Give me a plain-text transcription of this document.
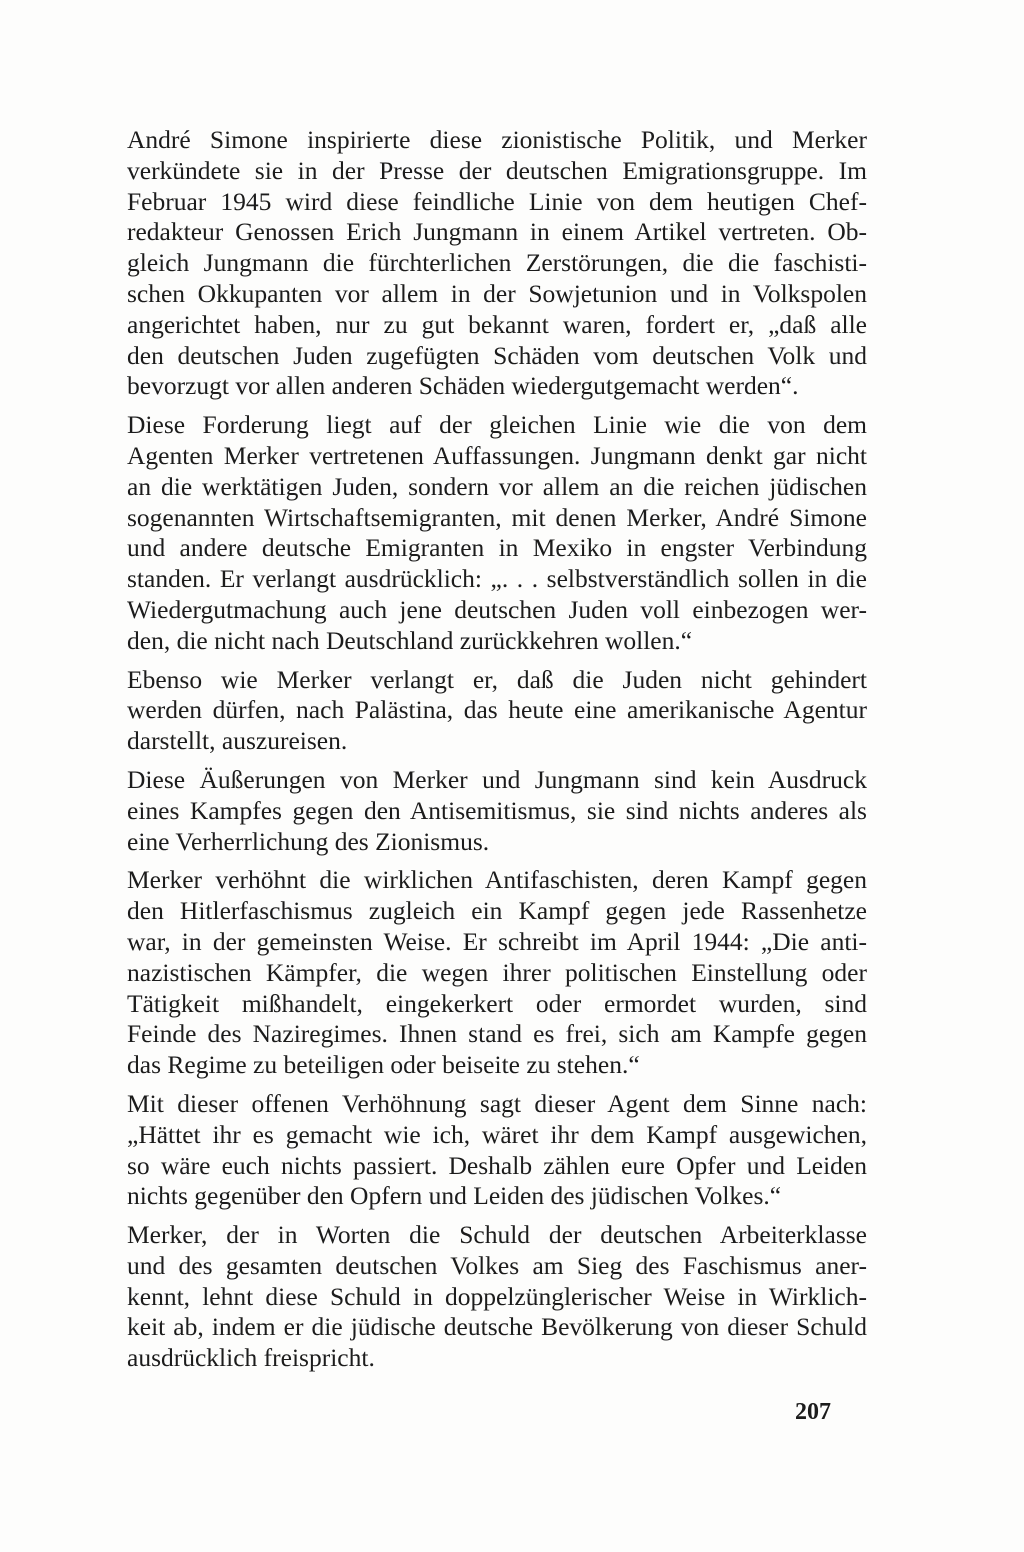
André Simone inspirierte diese zionistische Politik, und Merker
verkündete sie in der Presse der deutschen Emigrationsgruppe. Im
Februar 1945 wird diese feindliche Linie von dem heutigen Chef-
redakteur Genossen Erich Jungmann in einem Artikel vertreten. Ob-
gleich Jungmann die fürchterlichen Zerstörungen, die die faschisti-
schen Okkupanten vor allem in der Sowjetunion und in Volkspolen
angerichtet haben, nur zu gut bekannt waren, fordert er, „daß alle
den deutschen Juden zugefügten Schäden vom deutschen Volk und
bevorzugt vor allen anderen Schäden wiedergutgemacht werden“.

Diese Forderung liegt auf der gleichen Linie wie die von dem
Agenten Merker vertretenen Auffassungen. Jungmann denkt gar nicht
an die werktätigen Juden, sondern vor allem an die reichen jüdischen
sogenannten Wirtschaftsemigranten, mit denen Merker, André Simone
und andere deutsche Emigranten in Mexiko in engster Verbindung
standen. Er verlangt ausdrücklich: „. . . selbstverständlich sollen in die
Wiedergutmachung auch jene deutschen Juden voll einbezogen wer-
den, die nicht nach Deutschland zurückkehren wollen.“

Ebenso wie Merker verlangt er, daß die Juden nicht gehindert
werden dürfen, nach Palästina, das heute eine amerikanische Agentur
darstellt, auszureisen.

Diese Äußerungen von Merker und Jungmann sind kein Ausdruck
eines Kampfes gegen den Antisemitismus, sie sind nichts anderes als
eine Verherrlichung des Zionismus.

Merker verhöhnt die wirklichen Antifaschisten, deren Kampf gegen
den Hitlerfaschismus zugleich ein Kampf gegen jede Rassenhetze
war, in der gemeinsten Weise. Er schreibt im April 1944: „Die anti-
nazistischen Kämpfer, die wegen ihrer politischen Einstellung oder
Tätigkeit mißhandelt, eingekerkert oder ermordet wurden, sind
Feinde des Naziregimes. Ihnen stand es frei, sich am Kampfe gegen
das Regime zu beteiligen oder beiseite zu stehen.“

Mit dieser offenen Verhöhnung sagt dieser Agent dem Sinne nach:
„Hättet ihr es gemacht wie ich, wäret ihr dem Kampf ausgewichen,
so wäre euch nichts passiert. Deshalb zählen eure Opfer und Leiden
nichts gegenüber den Opfern und Leiden des jüdischen Volkes.“

Merker, der in Worten die Schuld der deutschen Arbeiterklasse
und des gesamten deutschen Volkes am Sieg des Faschismus aner-
kennt, lehnt diese Schuld in doppelzünglerischer Weise in Wirklich-
keit ab, indem er die jüdische deutsche Bevölkerung von dieser Schuld
ausdrücklich freispricht.

207
